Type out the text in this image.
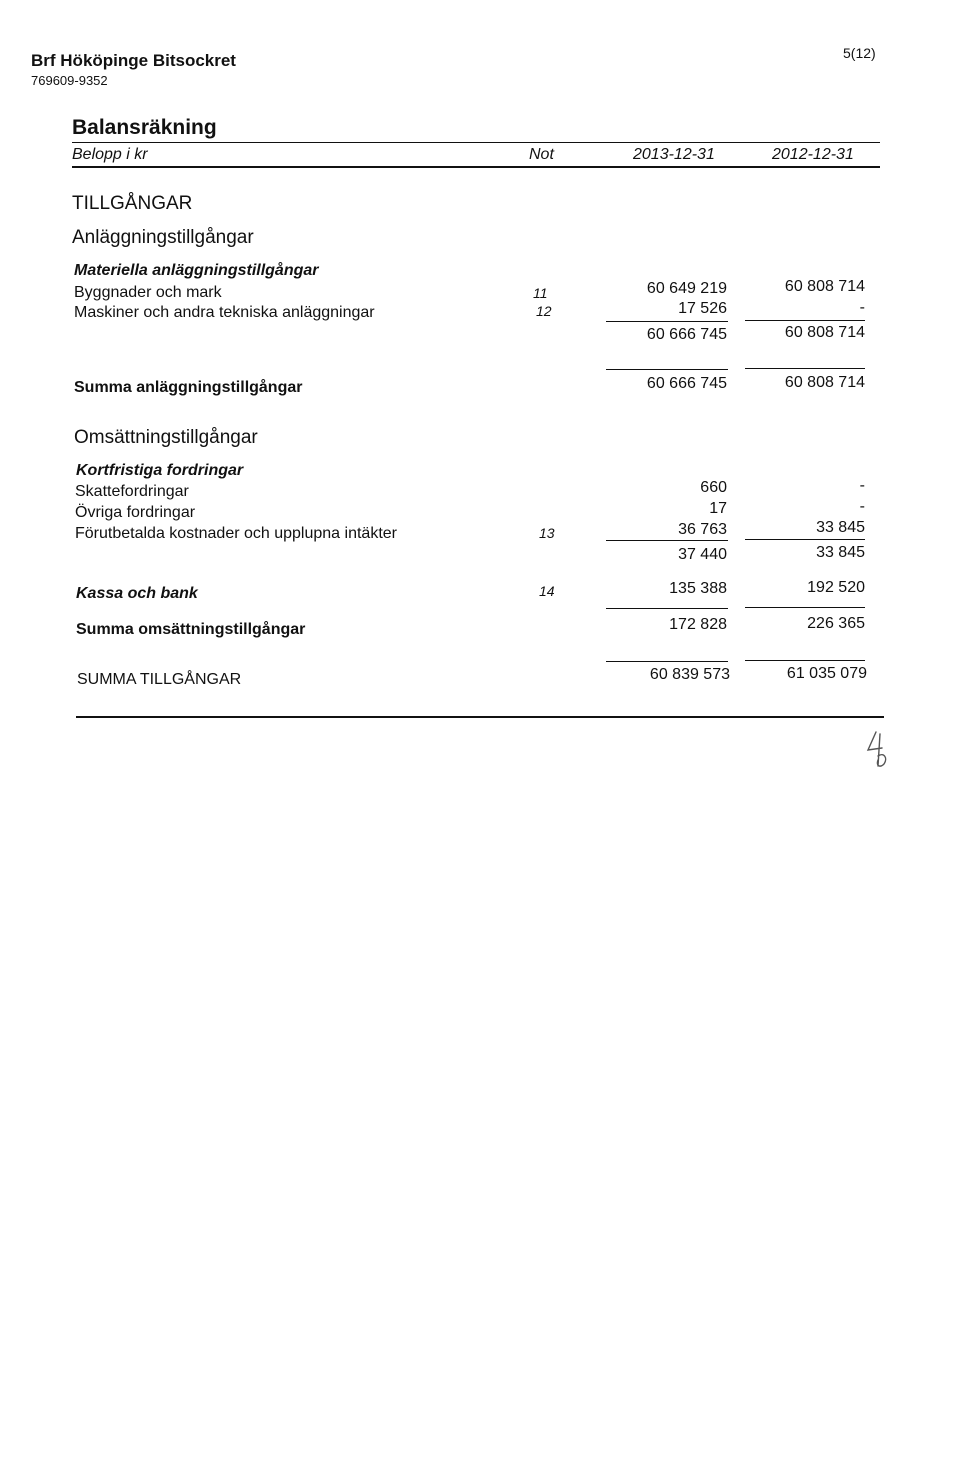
Brf Hököpinge Bitsockret
769609-9352
5(12)
Balansräkning
Belopp i kr	Not	2013-12-31	2012-12-31
TILLGÅNGAR
Anläggningstillgångar
Materiella anläggningstillgångar
Byggnader och mark	11	60 649 219	60 808 714
Maskiner och andra tekniska anläggningar	12	17 526	-
60 666 745	60 808 714
Summa anläggningstillgångar	60 666 745	60 808 714
Omsättningstillgångar
Kortfristiga fordringar
Skattefordringar	660	-
Övriga fordringar	17	-
Förutbetalda kostnader och upplupna intäkter	13	36 763	33 845
37 440	33 845
Kassa och bank	14	135 388	192 520
Summa omsättningstillgångar	172 828	226 365
SUMMA TILLGÅNGAR	60 839 573	61 035 079
